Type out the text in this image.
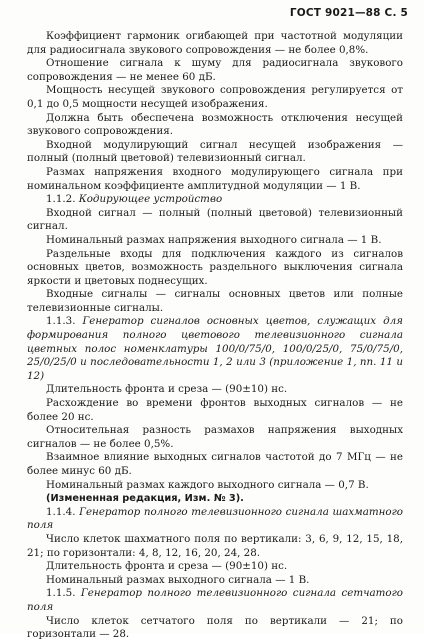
ГОСТ 9021—88 С. 5

Коэффициент гармоник огибающей при частотной модуляции для радиосигнала звукового сопровождения — не более 0,8%.

Отношение сигнала к шуму для радиосигнала звукового сопровождения — не менее 60 дБ.

Мощность несущей звукового сопровождения регулируется от 0,1 до 0,5 мощности несущей изображения.

Должна быть обеспечена возможность отключения несущей звукового сопровождения.

Входной модулирующий сигнал несущей изображения — полный (полный цветовой) телевизионный сигнал.

Размах напряжения входного модулирующего сигнала при номинальном коэффициенте амплитудной модуляции — 1 В.

1.1.2. Кодирующее устройство

Входной сигнал — полный (полный цветовой) телевизионный сигнал.

Номинальный размах напряжения выходного сигнала — 1 В.

Раздельные входы для подключения каждого из сигналов основных цветов, возможность раздельного выключения сигнала яркости и цветовых поднесущих.

Входные сигналы — сигналы основных цветов или полные телевизионные сигналы.

1.1.3. Генератор сигналов основных цветов, служащих для формирования полного цветового телевизионного сигнала цветных полос номенклатуры 100/0/75/0, 100/0/25/0, 75/0/75/0, 25/0/25/0 и последовательности 1, 2 или 3 (приложение 1, пп. 11 и 12)

Длительность фронта и среза — (90±10) нс.

Расхождение во времени фронтов выходных сигналов — не более 20 нс.

Относительная разность размахов напряжения выходных сигналов — не более 0,5%.

Взаимное влияние выходных сигналов частотой до 7 МГц — не более минус 60 дБ.

Номинальный размах каждого выходного сигнала — 0,7 В.

(Измененная редакция, Изм. № 3).

1.1.4. Генератор полного телевизионного сигнала шахматного поля

Число клеток шахматного поля по вертикали: 3, 6, 9, 12, 15, 18, 21; по горизонтали: 4, 8, 12, 16, 20, 24, 28.

Длительность фронта и среза — (90±10) нс.

Номинальный размах выходного сигнала — 1 В.

1.1.5. Генератор полного телевизионного сигнала сетчатого поля

Число клеток сетчатого поля по вертикали — 21; по горизонтали — 28.
